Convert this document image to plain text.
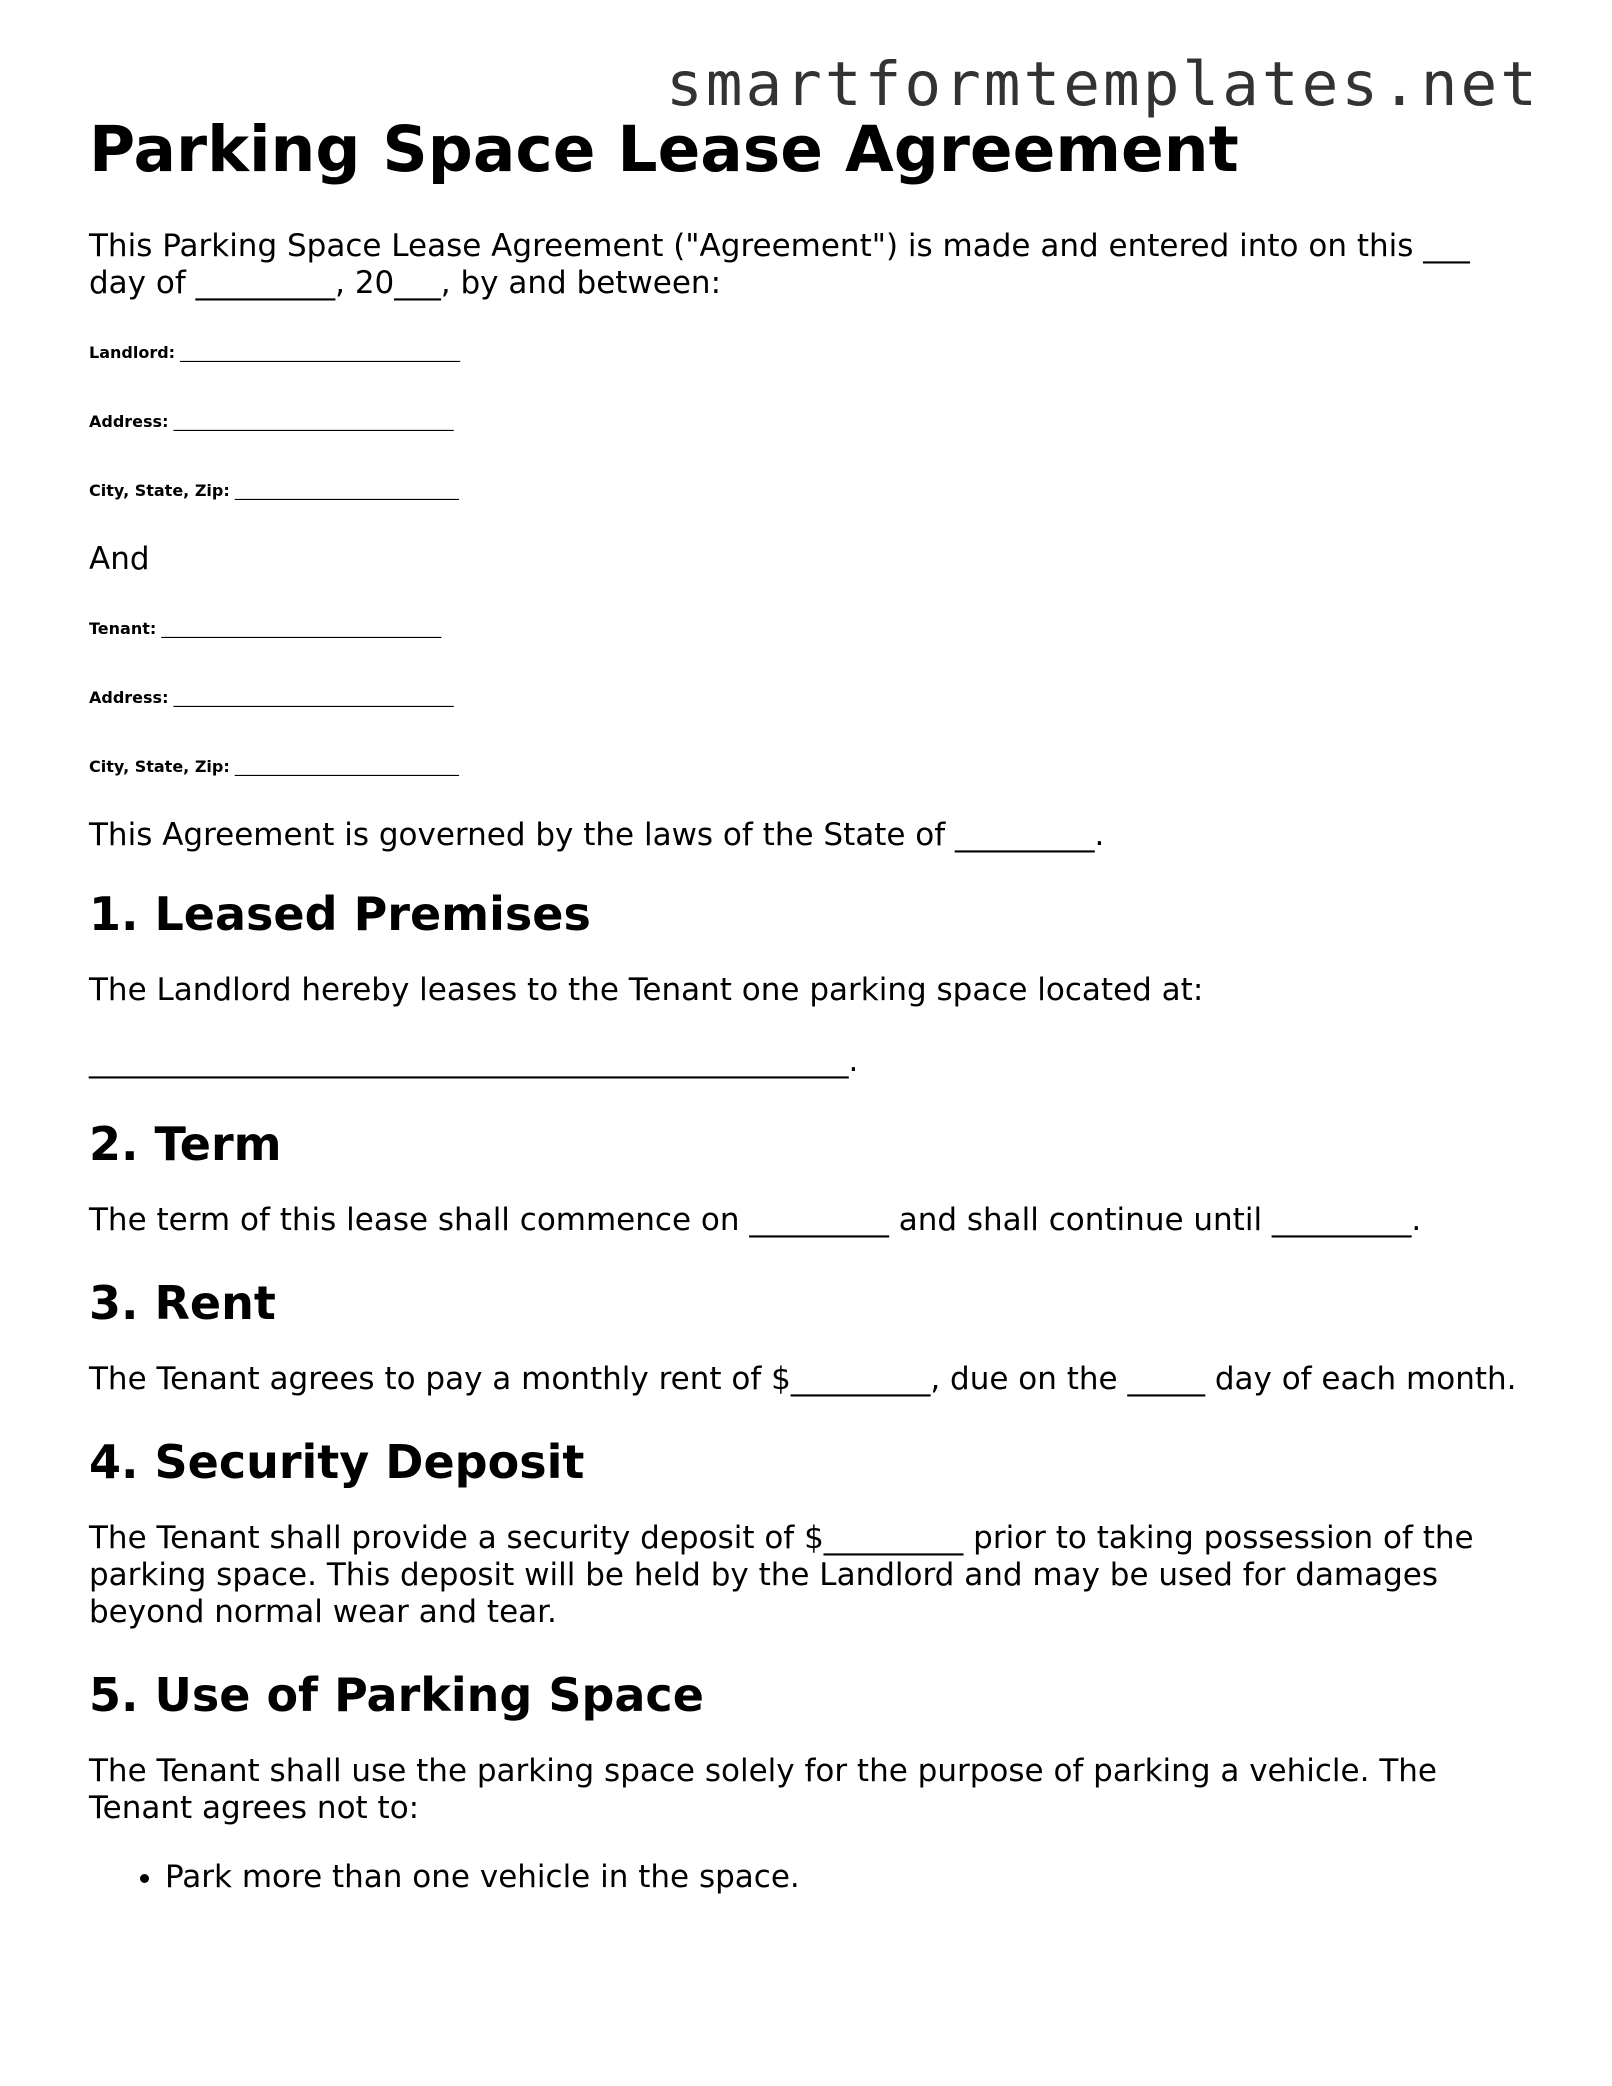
smartformtemplates.net
Parking Space Lease Agreement

This Parking Space Lease Agreement ("Agreement") is made and entered into on this ___ day of _________, 20___, by and between:

Landlord: ___________________________________
Address: ___________________________________
City, State, Zip: ____________________________

And

Tenant: ___________________________________
Address: ___________________________________
City, State, Zip: ____________________________

This Agreement is governed by the laws of the State of _________.

1. Leased Premises

The Landlord hereby leases to the Tenant one parking space located at:

_________________________________________________.

2. Term

The term of this lease shall commence on _________ and shall continue until _________.

3. Rent

The Tenant agrees to pay a monthly rent of $_________, due on the _____ day of each month.

4. Security Deposit

The Tenant shall provide a security deposit of $_________ prior to taking possession of the parking space. This deposit will be held by the Landlord and may be used for damages beyond normal wear and tear.

5. Use of Parking Space

The Tenant shall use the parking space solely for the purpose of parking a vehicle. The Tenant agrees not to:

• Park more than one vehicle in the space.
